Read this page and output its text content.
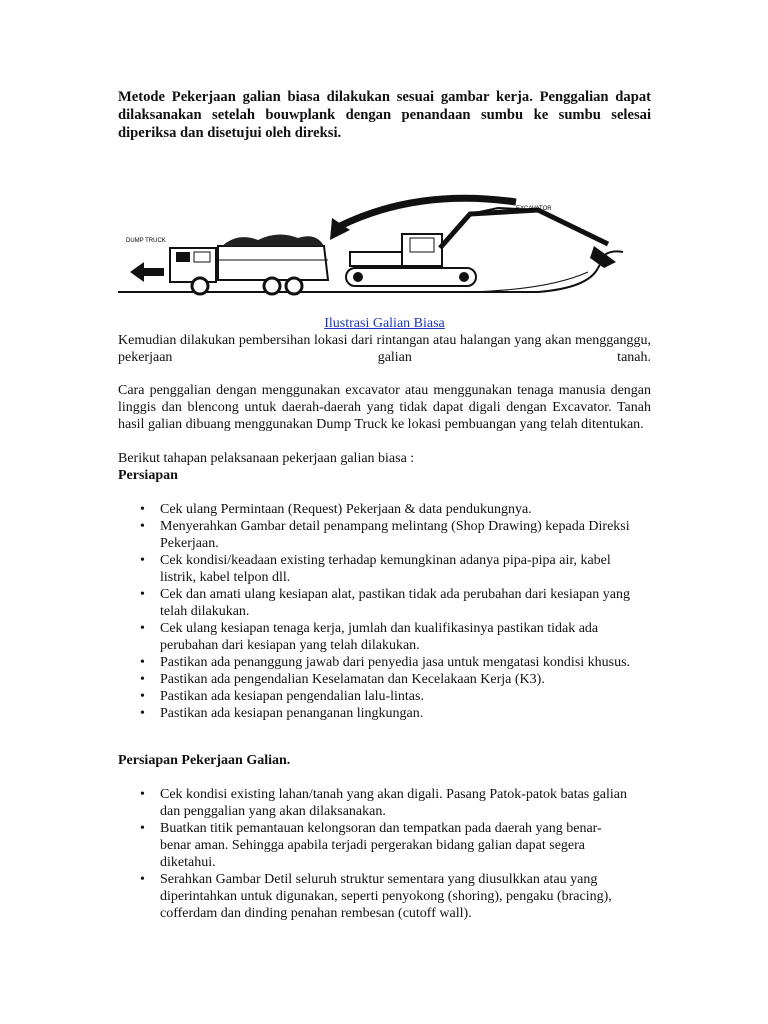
Metode Pekerjaan galian biasa dilakukan sesuai gambar kerja. Penggalian dapat dilaksanakan setelah bouwplank dengan penandaan sumbu ke sumbu selesai diperiksa dan disetujui oleh direksi.

DUMP TRUCK
EXCAVATOR
Ilustrasi Galian Biasa
Kemudian dilakukan pembersihan lokasi dari rintangan atau halangan yang akan mengganggu,
pekerjaan galian tanah.

Cara penggalian dengan menggunakan excavator atau menggunakan tenaga manusia dengan linggis dan blencong untuk daerah-daerah yang tidak dapat digali dengan Excavator. Tanah hasil galian dibuang menggunakan Dump Truck ke lokasi pembuangan yang telah ditentukan.

Berikut tahapan pelaksanaan pekerjaan galian biasa :

Persiapan

• Cek ulang Permintaan (Request) Pekerjaan & data pendukungnya.
• Menyerahkan Gambar detail penampang melintang (Shop Drawing) kepada Direksi Pekerjaan.
• Cek kondisi/keadaan existing terhadap kemungkinan adanya pipa-pipa air, kabel listrik, kabel telpon dll.
• Cek dan amati ulang kesiapan alat, pastikan tidak ada perubahan dari kesiapan yang telah dilakukan.
• Cek ulang kesiapan tenaga kerja, jumlah dan kualifikasinya pastikan tidak ada perubahan dari kesiapan yang telah dilakukan.
• Pastikan ada penanggung jawab dari penyedia jasa untuk mengatasi kondisi khusus.
• Pastikan ada pengendalian Keselamatan dan Kecelakaan Kerja (K3).
• Pastikan ada kesiapan pengendalian lalu-lintas.
• Pastikan ada kesiapan penanganan lingkungan.

Persiapan Pekerjaan Galian.

• Cek kondisi existing lahan/tanah yang akan digali. Pasang Patok-patok batas galian dan penggalian yang akan dilaksanakan.
• Buatkan titik pemantauan kelongsoran dan tempatkan pada daerah yang benar-benar aman. Sehingga apabila terjadi pergerakan bidang galian dapat segera diketahui.
• Serahkan Gambar Detil seluruh struktur sementara yang diusulkkan atau yang diperintahkan untuk digunakan, seperti penyokong (shoring), pengaku (bracing), cofferdam dan dinding penahan rembesan (cutoff wall).
